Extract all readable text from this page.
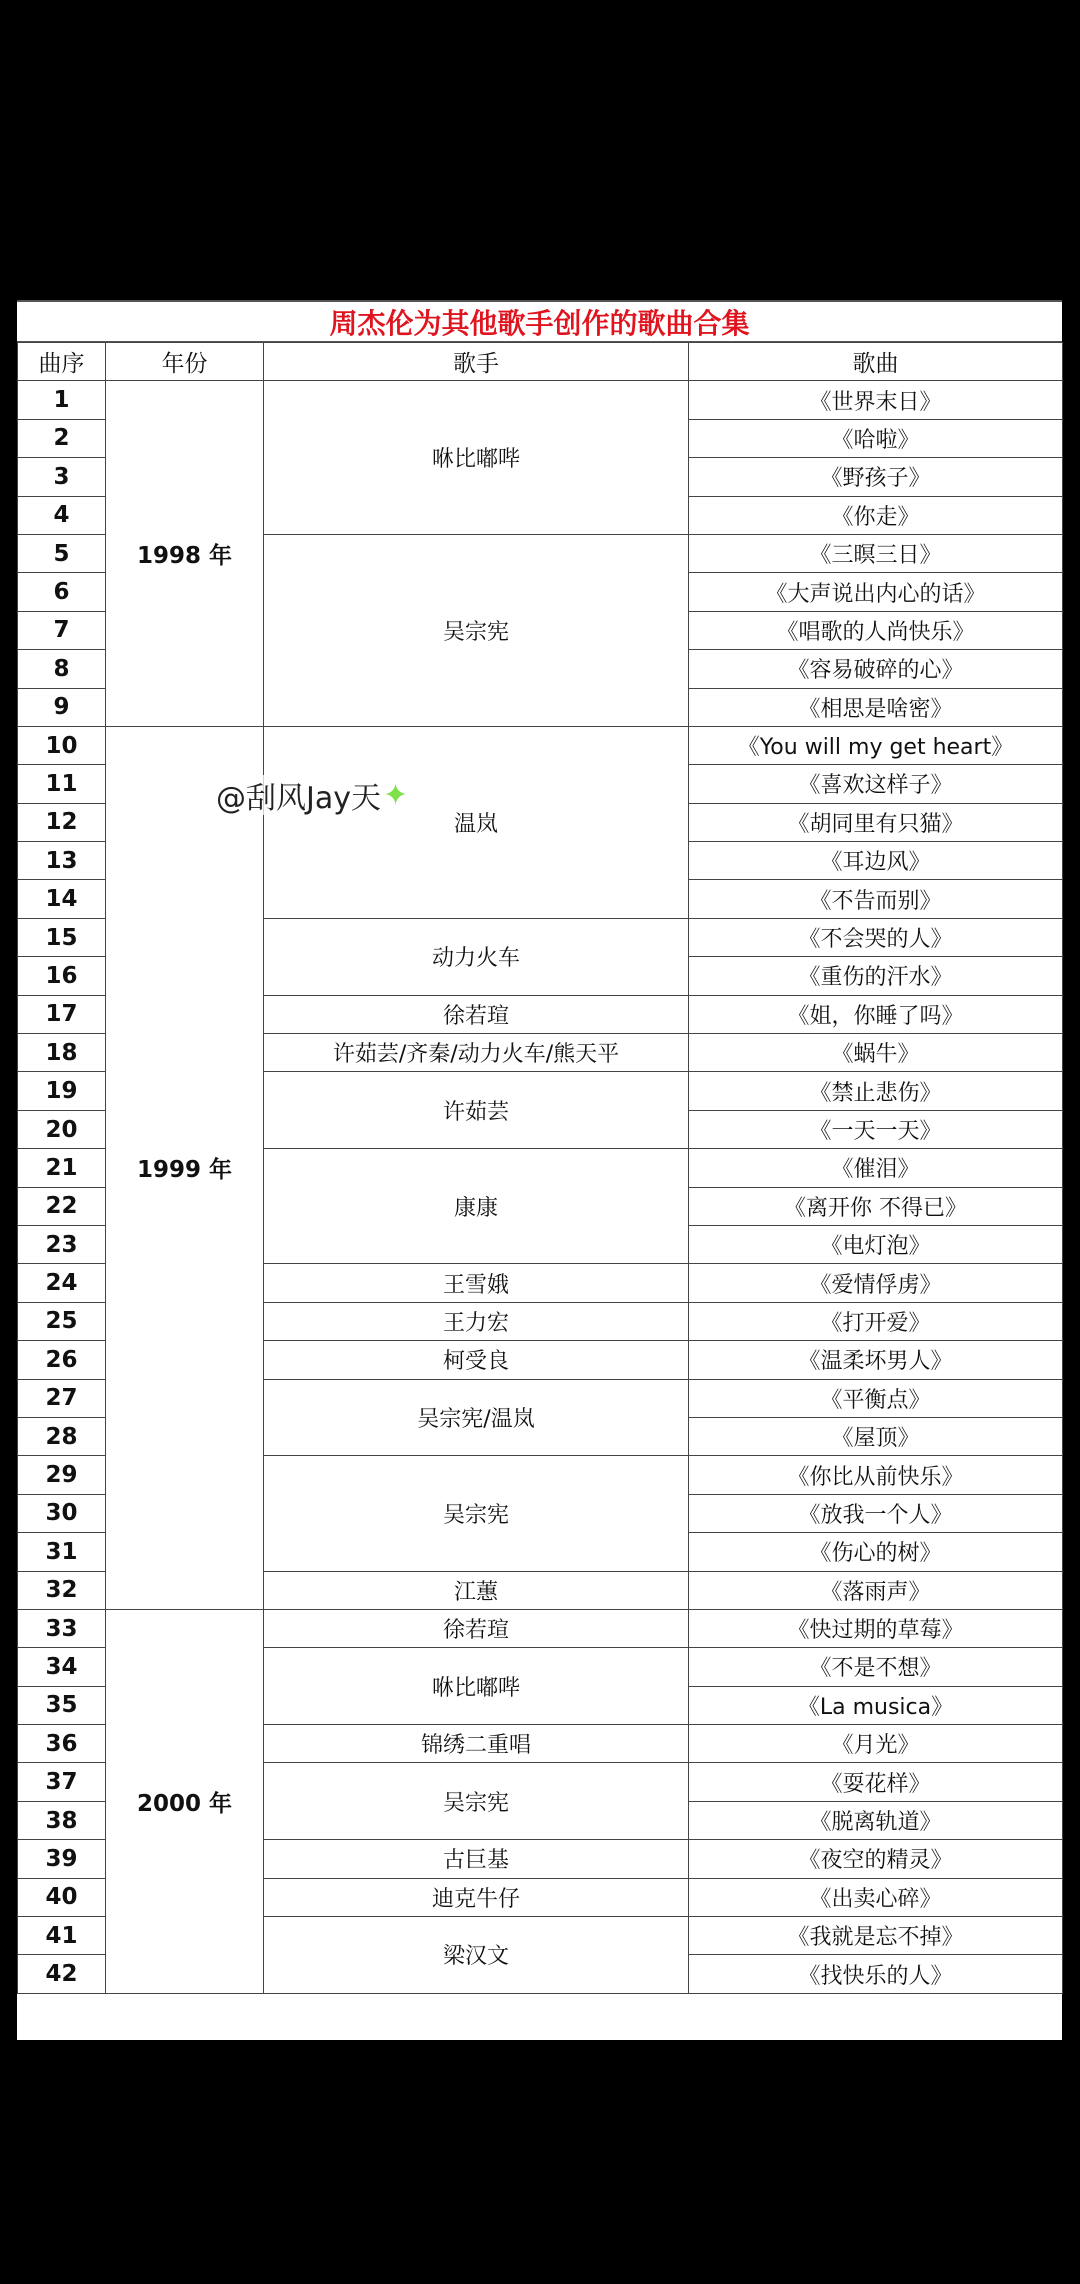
周杰伦为其他歌手创作的歌曲合集
曲序	年份	歌手	歌曲
1	1998 年	咻比嘟哔	《世界末日》
2			《哈啦》
3			《野孩子》
4			《你走》
5		吴宗宪	《三暝三日》
6			《大声说出内心的话》
7			《唱歌的人尚快乐》
8			《容易破碎的心》
9			《相思是啥密》
10	1999 年	温岚	《You will my get heart》
11			《喜欢这样子》
12			《胡同里有只猫》
13			《耳边风》
14			《不告而别》
15		动力火车	《不会哭的人》
16			《重伤的汗水》
17		徐若瑄	《姐，你睡了吗》
18		许茹芸/齐秦/动力火车/熊天平	《蜗牛》
19		许茹芸	《禁止悲伤》
20			《一天一天》
21		康康	《催泪》
22			《离开你 不得已》
23			《电灯泡》
24		王雪娥	《爱情俘虏》
25		王力宏	《打开爱》
26		柯受良	《温柔坏男人》
27		吴宗宪/温岚	《平衡点》
28			《屋顶》
29		吴宗宪	《你比从前快乐》
30			《放我一个人》
31			《伤心的树》
32		江蕙	《落雨声》
33	2000 年	徐若瑄	《快过期的草莓》
34		咻比嘟哔	《不是不想》
35			《La musica》
36		锦绣二重唱	《月光》
37		吴宗宪	《耍花样》
38			《脱离轨道》
39		古巨基	《夜空的精灵》
40		迪克牛仔	《出卖心碎》
41		梁汉文	《我就是忘不掉》
42			《找快乐的人》
@刮风Jay天 ✦
